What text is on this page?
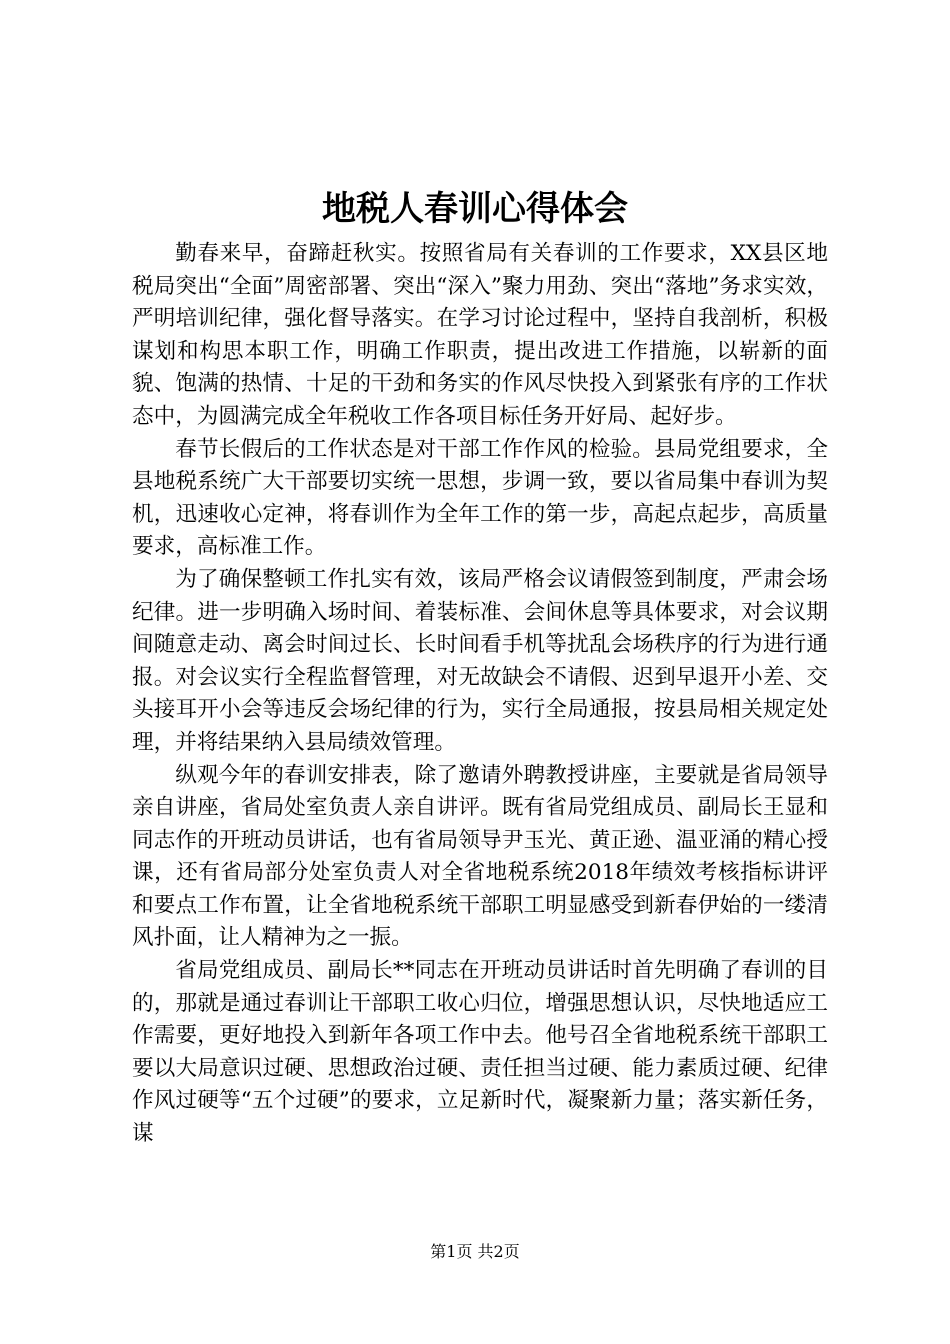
地税人春训心得体会

勤春来早，奋蹄赶秋实。按照省局有关春训的工作要求，XX县区地税局突出“全面”周密部署、突出“深入”聚力用劲、突出“落地”务求实效，严明培训纪律，强化督导落实。在学习讨论过程中，坚持自我剖析，积极谋划和构思本职工作，明确工作职责，提出改进工作措施，以崭新的面貌、饱满的热情、十足的干劲和务实的作风尽快投入到紧张有序的工作状态中，为圆满完成全年税收工作各项目标任务开好局、起好步。

春节长假后的工作状态是对干部工作作风的检验。县局党组要求，全县地税系统广大干部要切实统一思想，步调一致，要以省局集中春训为契机，迅速收心定神，将春训作为全年工作的第一步，高起点起步，高质量要求，高标准工作。

为了确保整顿工作扎实有效，该局严格会议请假签到制度，严肃会场纪律。进一步明确入场时间、着装标准、会间休息等具体要求，对会议期间随意走动、离会时间过长、长时间看手机等扰乱会场秩序的行为进行通报。对会议实行全程监督管理，对无故缺会不请假、迟到早退开小差、交头接耳开小会等违反会场纪律的行为，实行全局通报，按县局相关规定处理，并将结果纳入县局绩效管理。

纵观今年的春训安排表，除了邀请外聘教授讲座，主要就是省局领导亲自讲座，省局处室负责人亲自讲评。既有省局党组成员、副局长王显和同志作的开班动员讲话，也有省局领导尹玉光、黄正逊、温亚涌的精心授课，还有省局部分处室负责人对全省地税系统2018年绩效考核指标讲评和要点工作布置，让全省地税系统干部职工明显感受到新春伊始的一缕清风扑面，让人精神为之一振。

省局党组成员、副局长**同志在开班动员讲话时首先明确了春训的目的，那就是通过春训让干部职工收心归位，增强思想认识，尽快地适应工作需要，更好地投入到新年各项工作中去。他号召全省地税系统干部职工要以大局意识过硬、思想政治过硬、责任担当过硬、能力素质过硬、纪律作风过硬等“五个过硬”的要求，立足新时代，凝聚新力量；落实新任务，谋

第1页 共2页
